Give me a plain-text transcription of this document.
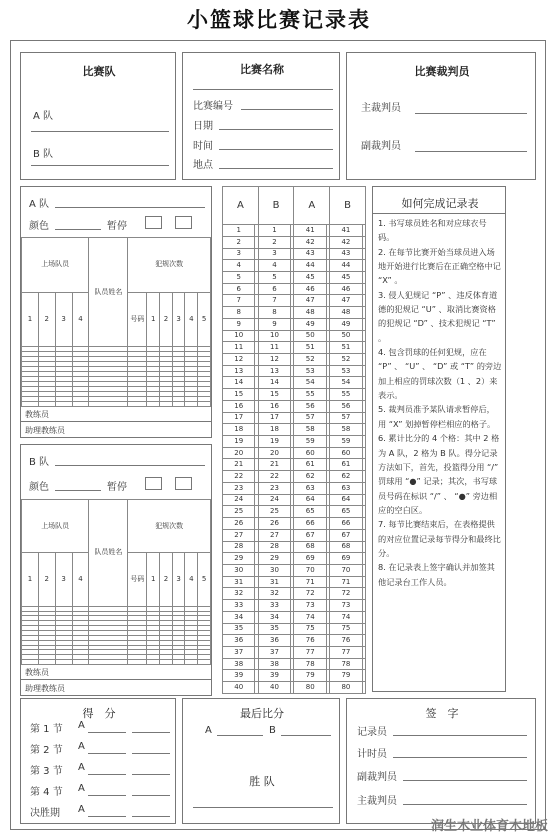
小篮球比赛记录表
比赛队
A 队
B 队
比赛名称
比赛编号
日期
时间
地点
比赛裁判员
主裁判员
副裁判员
A 队
颜色	暂停
上场队员				队员姓名	犯规次数					
1	2	3	4		号码	1	2	3	4	5

教练员
助理教练员
B 队
颜色	暂停
上场队员				队员姓名	犯规次数					
1	2	3	4		号码	1	2	3	4	5

教练员
助理教练员
A		B		A		B	
1		1		41		41	
2		2		42		42	
3		3		43		43	
4		4		44		44	
5		5		45		45	
6		6		46		46	
7		7		47		47	
8		8		48		48	
9		9		49		49	
10		10		50		50	
11		11		51		51	
12		12		52		52	
13		13		53		53	
14		14		54		54	
15		15		55		55	
16		16		56		56	
17		17		57		57	
18		18		58		58	
19		19		59		59	
20		20		60		60	
21		21		61		61	
22		22		62		62	
23		23		63		63	
24		24		64		64	
25		25		65		65	
26		26		66		66	
27		27		67		67	
28		28		68		68	
29		29		69		69	
30		30		70		70	
31		31		71		71	
32		32		72		72	
33		33		73		73	
34		34		74		74	
35		35		75		75	
36		36		76		76	
37		37		77		77	
38		38		78		78	
39		39		79		79	
40		40		80		80	
如何完成记录表

1. 书写球员姓名和对应球衣号码。

2. 在每节比赛开始当球员进入场地开始进行比赛后在正确空格中记 “X” 。

3. 侵人犯规记 “P” 、违反体育道德的犯规记 “U” 、取消比赛资格的犯规记 “D” 、技术犯规记 “T” 。

4. 包含罚球的任何犯规，应在 “P” 、 “U” 、 “D” 或 “T” 的旁边加上相应的罚球次数（1 、2）来表示。

5. 裁判员准予某队请求暂停后，用 “X” 划掉暂停栏相应的格子。

6. 累计比分的 4 个格：其中 2 格为 A 队，2 格为 B 队。得分记录方法如下，首先，投篮得分用 “/” 罚球用 “●” 记录；其次，书写球员号码在标识 “/” 、 “●” 旁边相应的空白区。

7. 每节比赛结束后，在表格提供的对应位置记录每节得分和最终比分。

8. 在记录表上签字确认并加签其他记录台工作人员。

得　分
第 1 节 A
第 2 节 A
第 3 节 A
第 4 节 A
决胜期 A
最后比分
A	B
胜 队
签　字
记录员
计时员
副裁判员
主裁判员
润生木业体育木地板
